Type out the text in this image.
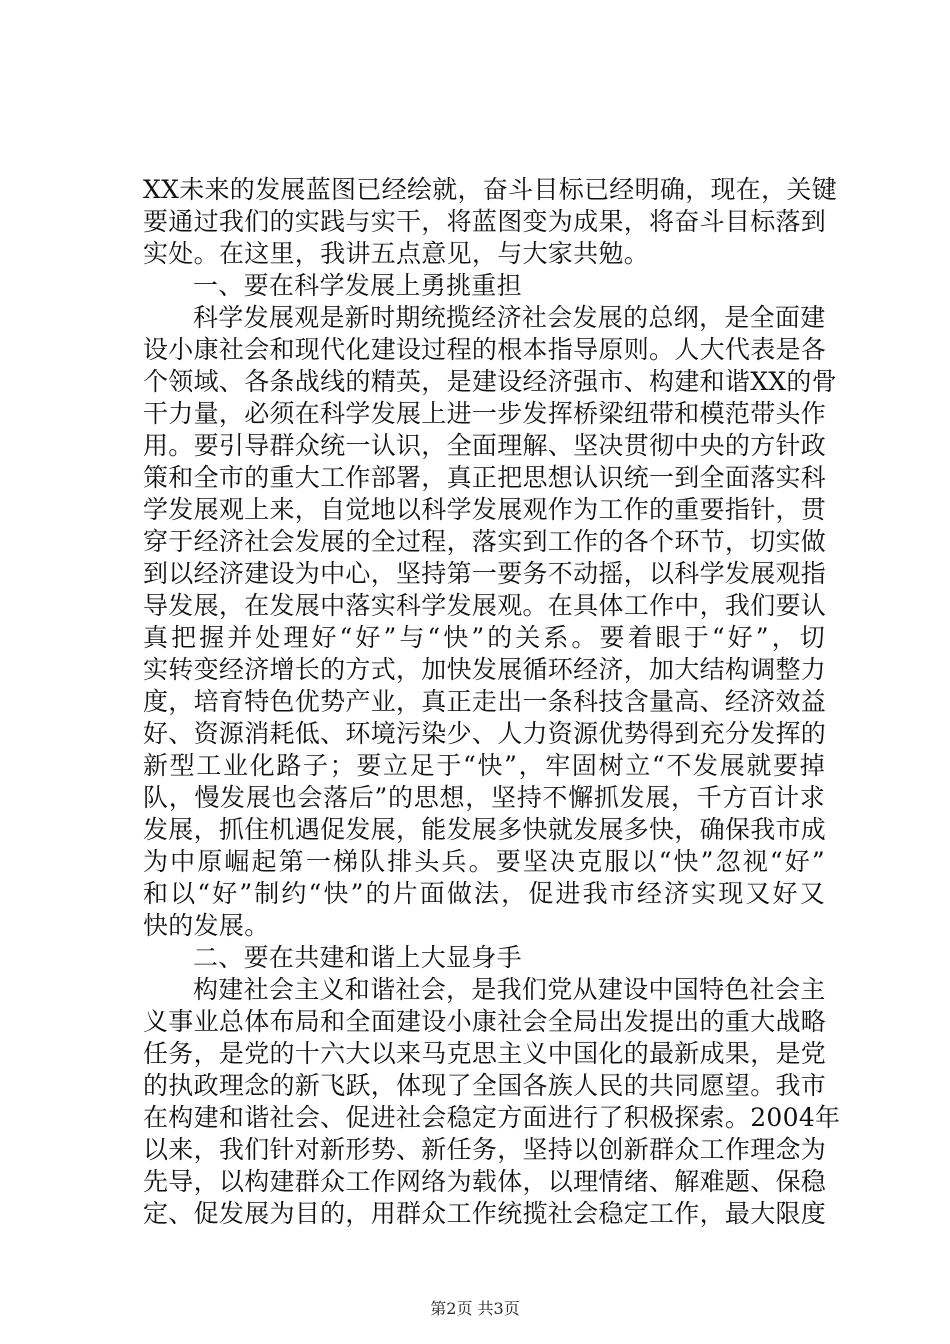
XX未来的发展蓝图已经绘就，奋斗目标已经明确，现在，关键
要通过我们的实践与实干，将蓝图变为成果，将奋斗目标落到
实处。在这里，我讲五点意见，与大家共勉。
一、要在科学发展上勇挑重担
科学发展观是新时期统揽经济社会发展的总纲，是全面建
设小康社会和现代化建设过程的根本指导原则。人大代表是各
个领域、各条战线的精英，是建设经济强市、构建和谐XX的骨
干力量，必须在科学发展上进一步发挥桥梁纽带和模范带头作
用。要引导群众统一认识，全面理解、坚决贯彻中央的方针政
策和全市的重大工作部署，真正把思想认识统一到全面落实科
学发展观上来，自觉地以科学发展观作为工作的重要指针，贯
穿于经济社会发展的全过程，落实到工作的各个环节，切实做
到以经济建设为中心，坚持第一要务不动摇，以科学发展观指
导发展，在发展中落实科学发展观。在具体工作中，我们要认
真把握并处理好“好”与“快”的关系。要着眼于“好”，切
实转变经济增长的方式，加快发展循环经济，加大结构调整力
度，培育特色优势产业，真正走出一条科技含量高、经济效益
好、资源消耗低、环境污染少、人力资源优势得到充分发挥的
新型工业化路子；要立足于“快”，牢固树立“不发展就要掉
队，慢发展也会落后”的思想，坚持不懈抓发展，千方百计求
发展，抓住机遇促发展，能发展多快就发展多快，确保我市成
为中原崛起第一梯队排头兵。要坚决克服以“快”忽视“好”
和以“好”制约“快”的片面做法，促进我市经济实现又好又
快的发展。
二、要在共建和谐上大显身手
构建社会主义和谐社会，是我们党从建设中国特色社会主
义事业总体布局和全面建设小康社会全局出发提出的重大战略
任务，是党的十六大以来马克思主义中国化的最新成果，是党
的执政理念的新飞跃，体现了全国各族人民的共同愿望。我市
在构建和谐社会、促进社会稳定方面进行了积极探索。2004年
以来，我们针对新形势、新任务，坚持以创新群众工作理念为
先导，以构建群众工作网络为载体，以理情绪、解难题、保稳
定、促发展为目的，用群众工作统揽社会稳定工作，最大限度
第2页 共3页
